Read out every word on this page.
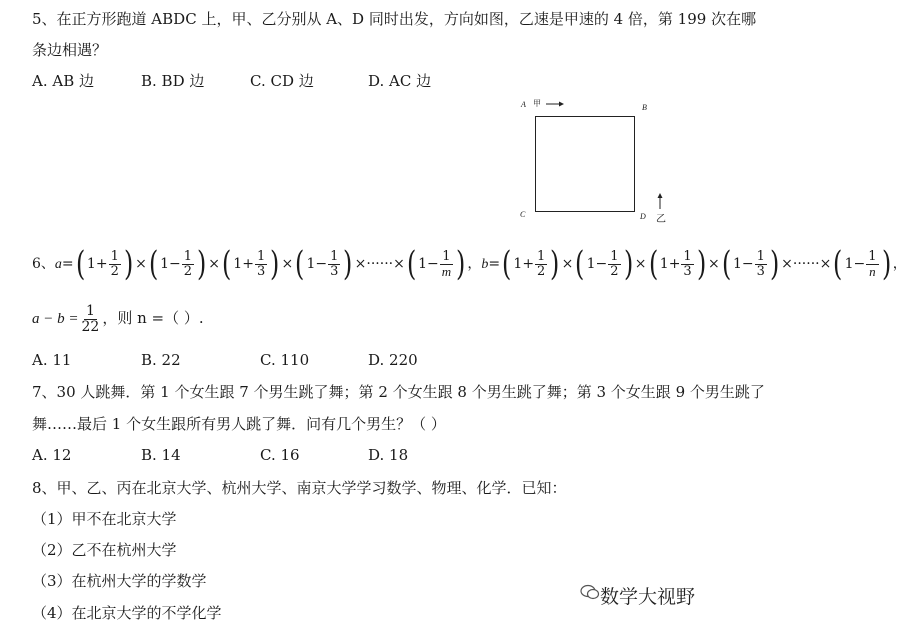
5、在正方形跑道 ABDC 上，甲、乙分别从 A、D 同时出发，方向如图，乙速是甲速的 4 倍，第 199 次在哪
条边相遇？
A. AB 边	B. BD 边	C. CD 边	D. AC 边
A 甲	B
C	D 乙
6、a= ( $1+ \frac{1}{2}$ ) × ( $1- \frac{1}{2}$ ) × ( $1+ \frac{1}{3}$ ) × ( $1- \frac{1}{3}$ ) ×······× ( $1- \frac{1}{m}$ ) ，b= ( $1+ \frac{1}{2}$ ) × ( $1- \frac{1}{2}$ ) × ( $1+ \frac{1}{3}$ ) × ( $1- \frac{1}{3}$ ) ×······× ( $1- \frac{1}{n}$ ) ，
$a - b = \frac{1}{22}$ ，则 n =（ ）.
A. 11	B. 22	C. 110	D. 220
7、30 人跳舞．第 1 个女生跟 7 个男生跳了舞；第 2 个女生跟 8 个男生跳了舞；第 3 个女生跟 9 个男生跳了
舞……最后 1 个女生跟所有男人跳了舞．问有几个男生？（ ）
A. 12	B. 14	C. 16	D. 18
8、甲、乙、丙在北京大学、杭州大学、南京大学学习数学、物理、化学．已知：
（1）甲不在北京大学
（2）乙不在杭州大学
（3）在杭州大学的学数学
（4）在北京大学的不学化学
数学大视野
